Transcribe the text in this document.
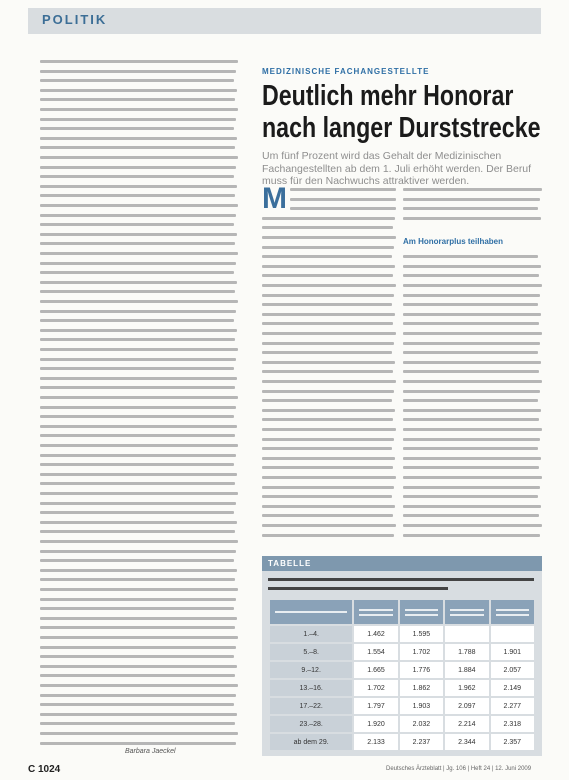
POLITIK
Barbara Jaeckel
MEDIZINISCHE FACHANGESTELLTE
Deutlich mehr Honorar
nach langer Durststrecke
Um fünf Prozent wird das Gehalt der Medizinischen Fachangestellten ab dem 1. Juli erhöht werden. Der Beruf muss für den Nachwuchs attraktiver werden.
M
Am Honorarplus teilhaben
TABELLE

1.–4.	1.462	1.595		
5.–8.	1.554	1.702	1.788	1.901
9.–12.	1.665	1.776	1.884	2.057
13.–16.	1.702	1.862	1.962	2.149
17.–22.	1.797	1.903	2.097	2.277
23.–28.	1.920	2.032	2.214	2.318
ab dem 29.	2.133	2.237	2.344	2.357
C 1024	Deutsches Ärzteblatt | Jg. 106 | Heft 24 | 12. Juni 2009
